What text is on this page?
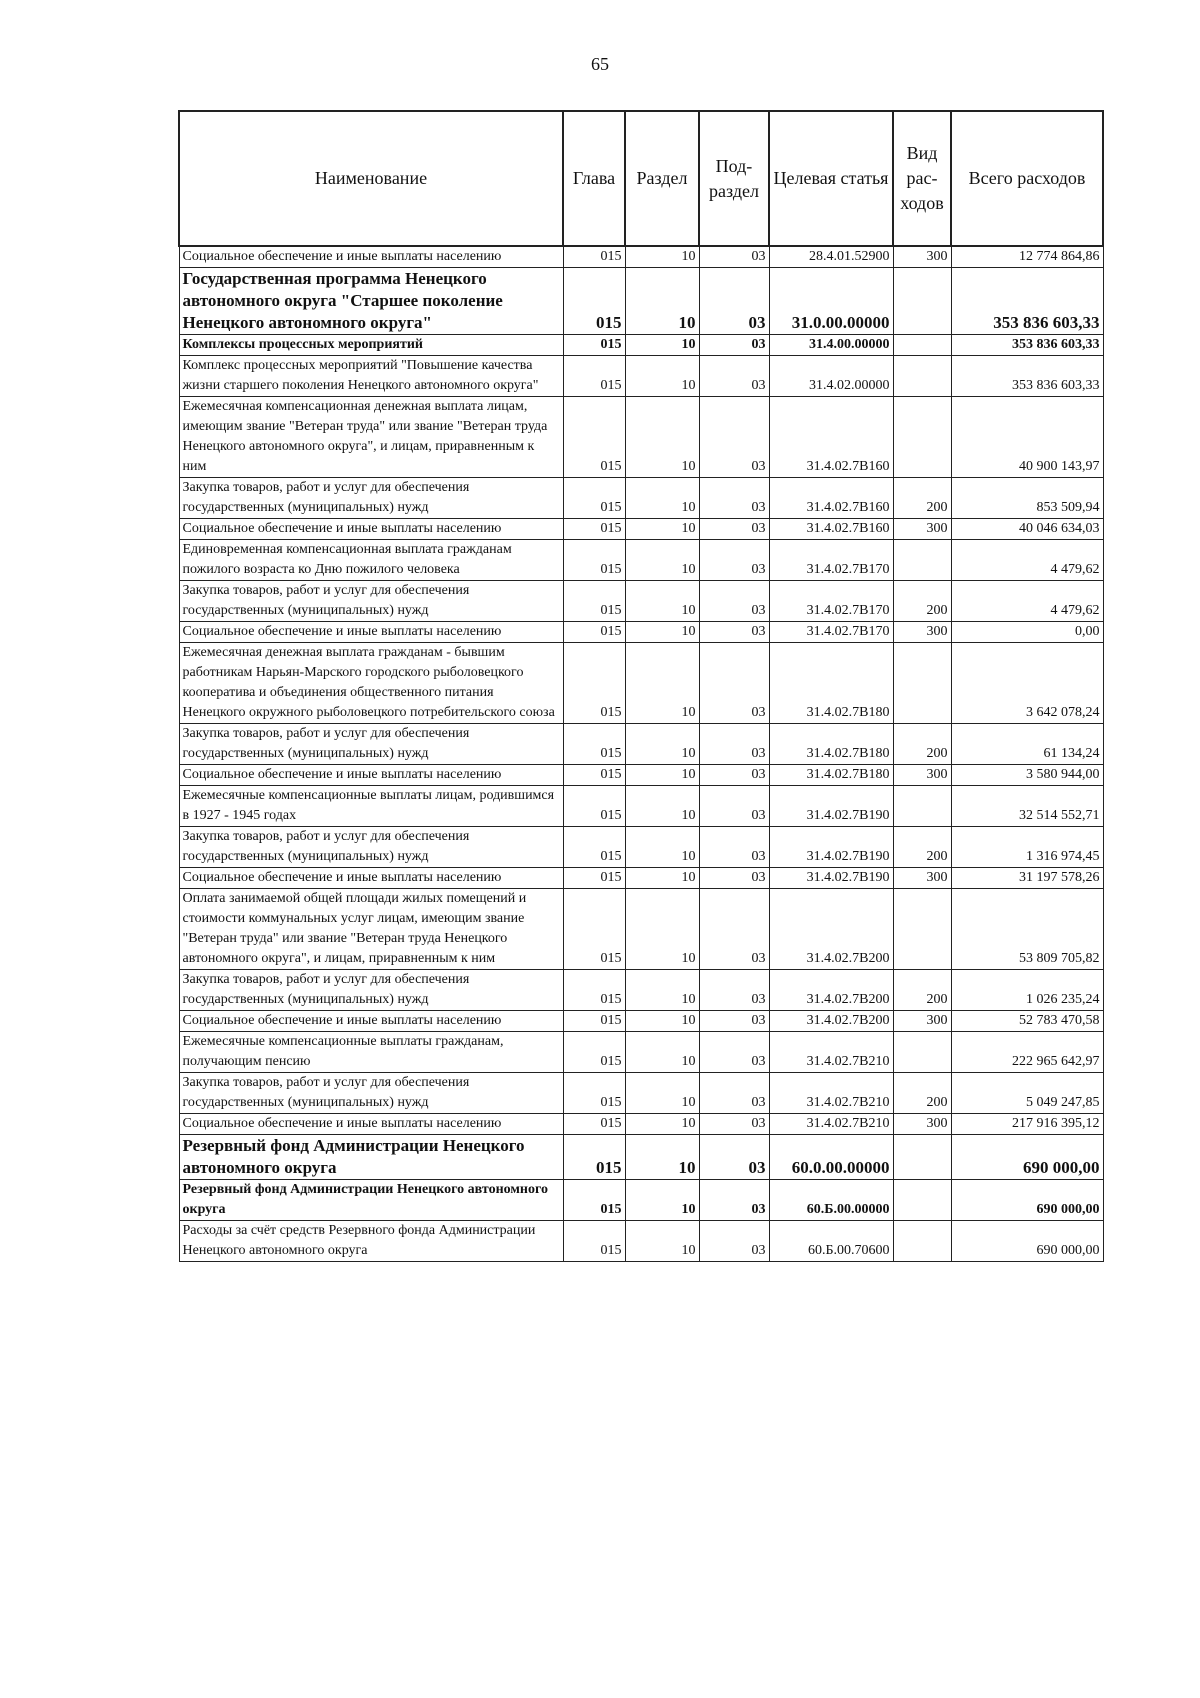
65
Наименование	Глава	Раздел	Под-раздел	Целевая статья	Вид рас-ходов	Всего расходов
Социальное обеспечение и иные выплаты населению	015	10	03	28.4.01.52900	300	12 774 864,86
Государственная программа Ненецкого автономного округа "Старшее поколение Ненецкого автономного округа"	015	10	03	31.0.00.00000		353 836 603,33
Комплексы процессных мероприятий	015	10	03	31.4.00.00000		353 836 603,33
Комплекс процессных мероприятий "Повышение качества жизни старшего поколения Ненецкого автономного округа"	015	10	03	31.4.02.00000		353 836 603,33
Ежемесячная компенсационная денежная выплата лицам, имеющим звание "Ветеран труда" или звание "Ветеран труда Ненецкого автономного округа", и лицам, приравненным к ним	015	10	03	31.4.02.7В160		40 900 143,97
Закупка товаров, работ и услуг для обеспечения государственных (муниципальных) нужд	015	10	03	31.4.02.7В160	200	853 509,94
Социальное обеспечение и иные выплаты населению	015	10	03	31.4.02.7В160	300	40 046 634,03
Единовременная компенсационная выплата гражданам пожилого возраста ко Дню пожилого человека	015	10	03	31.4.02.7В170		4 479,62
Закупка товаров, работ и услуг для обеспечения государственных (муниципальных) нужд	015	10	03	31.4.02.7В170	200	4 479,62
Социальное обеспечение и иные выплаты населению	015	10	03	31.4.02.7В170	300	0,00
Ежемесячная денежная выплата гражданам - бывшим работникам Нарьян-Марского городского рыболовецкого кооператива и объединения общественного питания Ненецкого окружного рыболовецкого потребительского союза	015	10	03	31.4.02.7В180		3 642 078,24
Закупка товаров, работ и услуг для обеспечения государственных (муниципальных) нужд	015	10	03	31.4.02.7В180	200	61 134,24
Социальное обеспечение и иные выплаты населению	015	10	03	31.4.02.7В180	300	3 580 944,00
Ежемесячные компенсационные выплаты лицам, родившимся в 1927 - 1945 годах	015	10	03	31.4.02.7В190		32 514 552,71
Закупка товаров, работ и услуг для обеспечения государственных (муниципальных) нужд	015	10	03	31.4.02.7В190	200	1 316 974,45
Социальное обеспечение и иные выплаты населению	015	10	03	31.4.02.7В190	300	31 197 578,26
Оплата занимаемой общей площади жилых помещений и стоимости коммунальных услуг лицам, имеющим звание "Ветеран труда" или звание "Ветеран труда Ненецкого автономного округа", и лицам, приравненным к ним	015	10	03	31.4.02.7В200		53 809 705,82
Закупка товаров, работ и услуг для обеспечения государственных (муниципальных) нужд	015	10	03	31.4.02.7В200	200	1 026 235,24
Социальное обеспечение и иные выплаты населению	015	10	03	31.4.02.7В200	300	52 783 470,58
Ежемесячные компенсационные выплаты гражданам, получающим пенсию	015	10	03	31.4.02.7В210		222 965 642,97
Закупка товаров, работ и услуг для обеспечения государственных (муниципальных) нужд	015	10	03	31.4.02.7В210	200	5 049 247,85
Социальное обеспечение и иные выплаты населению	015	10	03	31.4.02.7В210	300	217 916 395,12
Резервный фонд Администрации Ненецкого автономного округа	015	10	03	60.0.00.00000		690 000,00
Резервный фонд Администрации Ненецкого автономного округа	015	10	03	60.Б.00.00000		690 000,00
Расходы за счёт средств Резервного фонда Администрации Ненецкого автономного округа	015	10	03	60.Б.00.70600		690 000,00
